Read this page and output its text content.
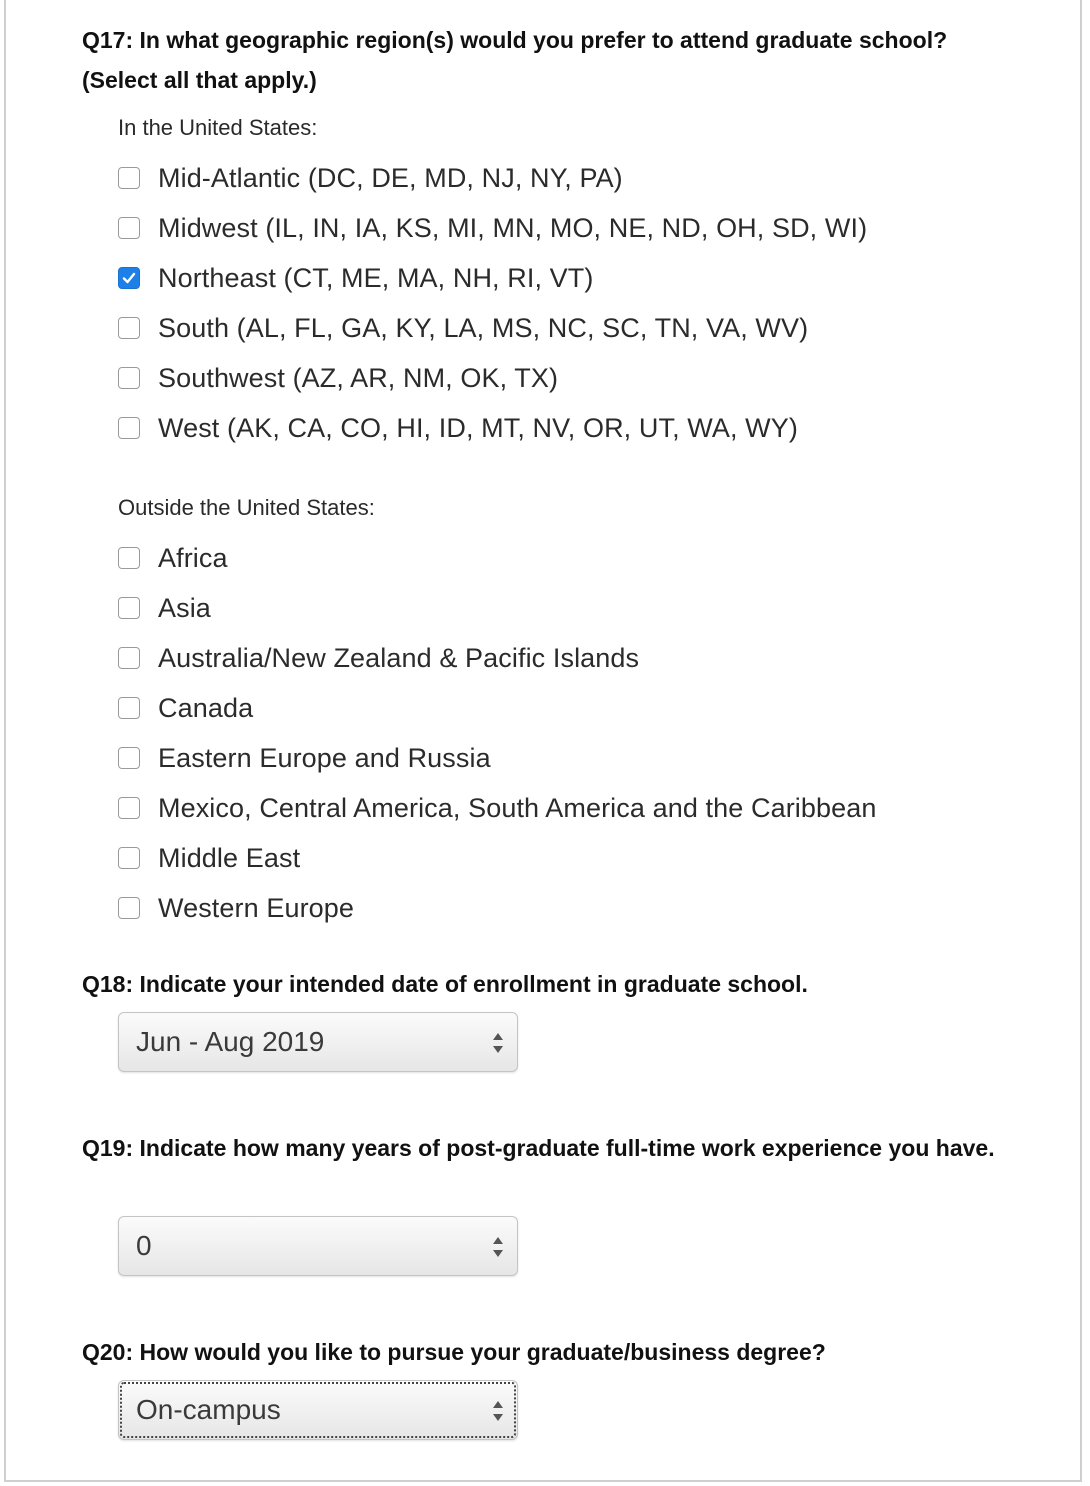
Q17: In what geographic region(s) would you prefer to attend graduate school? (Select all that apply.)
In the United States:
Mid-Atlantic (DC, DE, MD, NJ, NY, PA)
Midwest (IL, IN, IA, KS, MI, MN, MO, NE, ND, OH, SD, WI)
Northeast (CT, ME, MA, NH, RI, VT)
South (AL, FL, GA, KY, LA, MS, NC, SC, TN, VA, WV)
Southwest (AZ, AR, NM, OK, TX)
West (AK, CA, CO, HI, ID, MT, NV, OR, UT, WA, WY)
Outside the United States:
Africa
Asia
Australia/New Zealand & Pacific Islands
Canada
Eastern Europe and Russia
Mexico, Central America, South America and the Caribbean
Middle East
Western Europe
Q18: Indicate your intended date of enrollment in graduate school.
Jun - Aug 2019
Q19: Indicate how many years of post-graduate full-time work experience you have.
0
Q20: How would you like to pursue your graduate/business degree?
On-campus
